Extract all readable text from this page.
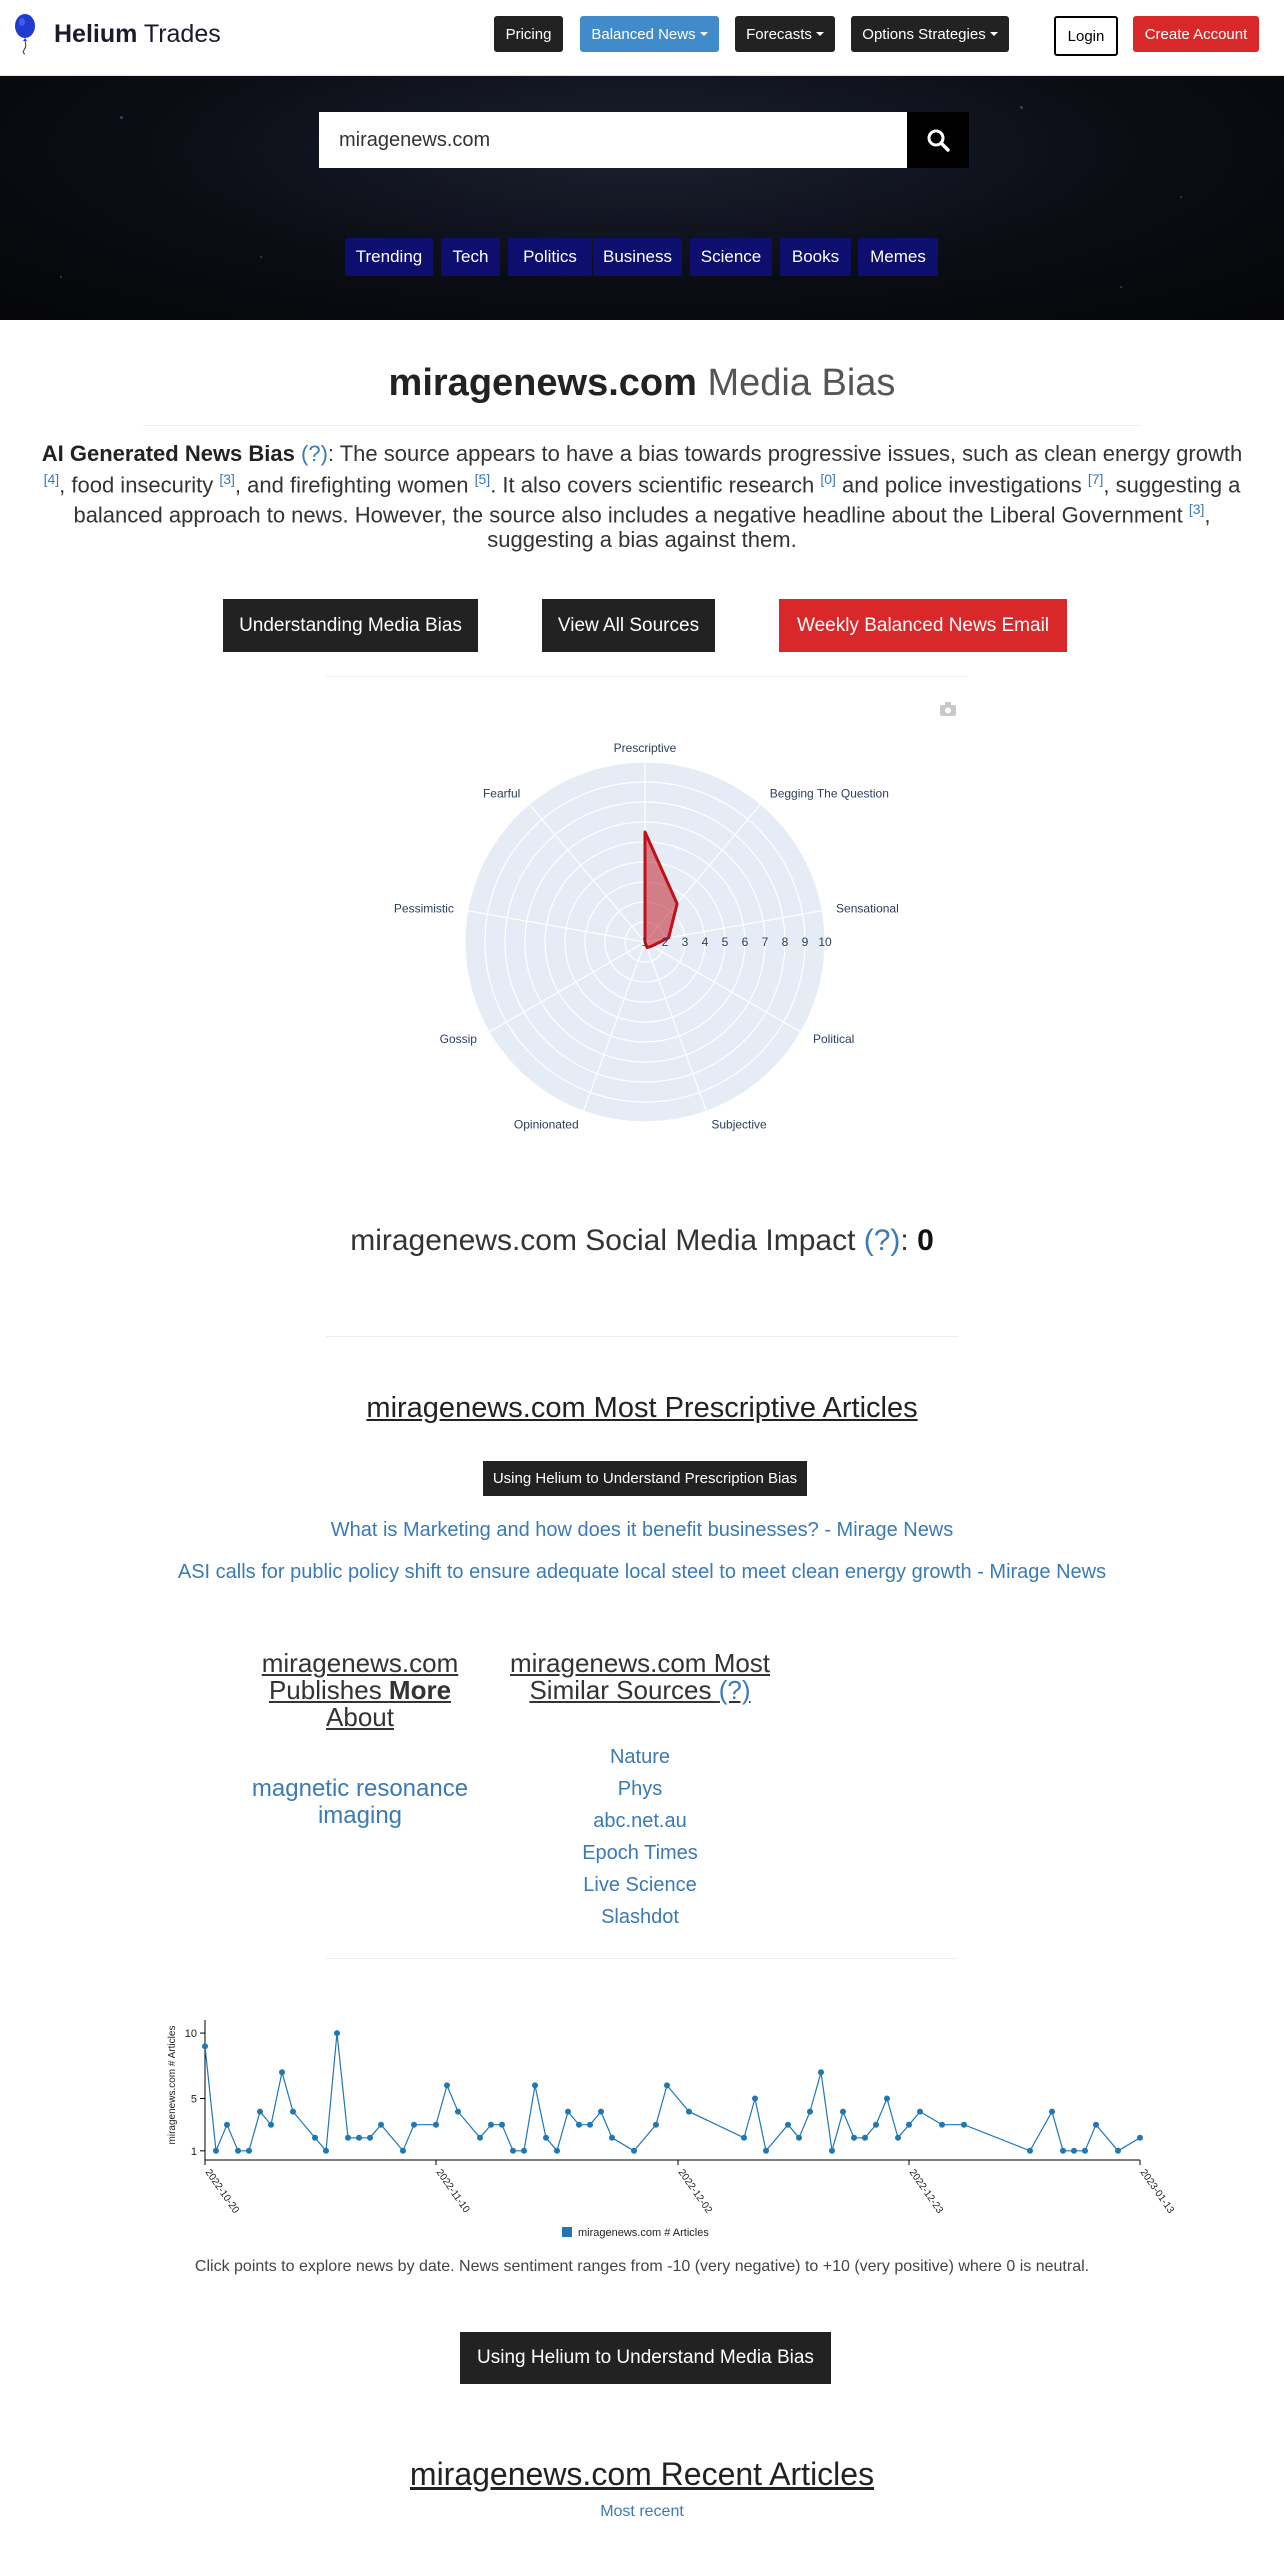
Helium Trades	Pricing	Balanced News	Forecasts	Options Strategies	Login	Create Account
miragenews.com
Trending	Tech	Politics	Business	Science	Books	Memes
miragenews.com Media Bias
AI Generated News Bias (?): The source appears to have a bias towards progressive issues, such as clean energy growth [4], food insecurity [3], and firefighting women [5]. It also covers scientific research [0] and police investigations [7], suggesting a balanced approach to news. However, the source also includes a negative headline about the Liberal Government [3], suggesting a bias against them.
Understanding Media Bias	View All Sources	Weekly Balanced News Email
1 2 3 4 5 6 7 8 9 10
Prescriptive
Begging The Question
Sensational
Political
Subjective
Opinionated
Gossip
Pessimistic
Fearful
miragenews.com Social Media Impact (?): 0
miragenews.com Most Prescriptive Articles
Using Helium to Understand Prescription Bias
What is Marketing and how does it benefit businesses? - Mirage News
ASI calls for public policy shift to ensure adequate local steel to meet clean energy growth - Mirage News
miragenews.com
Publishes More
About
magnetic resonance imaging
miragenews.com Most
Similar Sources (?)
Nature
Phys
abc.net.au
Epoch Times
Live Science
Slashdot
2022-10-20	2022-11-10	2022-12-02	2022-12-23	2023-01-13
1
5
10
miragenews.com # Articles
miragenews.com # Articles
Click points to explore news by date. News sentiment ranges from -10 (very negative) to +10 (very positive) where 0 is neutral.
Using Helium to Understand Media Bias
miragenews.com Recent Articles
Most recent
